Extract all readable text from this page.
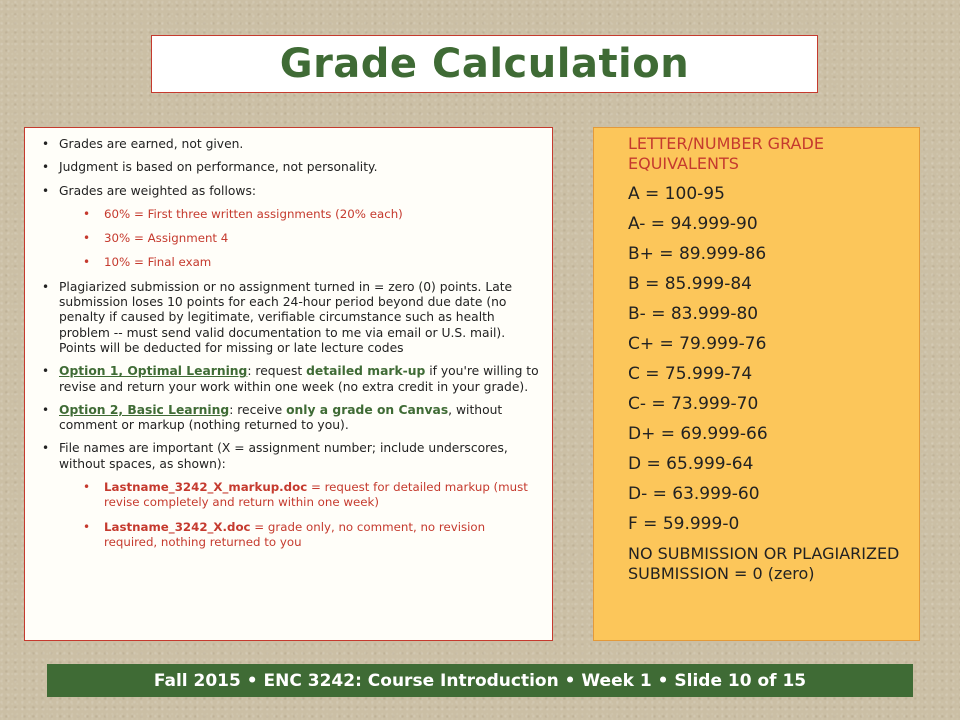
Grade Calculation
• Grades are earned, not given.
• Judgment is based on performance, not personality.
• Grades are weighted as follows:
• 60% = First three written assignments (20% each)
• 30% = Assignment 4
• 10% = Final exam
• Plagiarized submission or no assignment turned in = zero (0) points. Late submission loses 10 points for each 24-hour period beyond due date (no penalty if caused by legitimate, verifiable circumstance such as health problem -- must send valid documentation to me via email or U.S. mail). Points will be deducted for missing or late lecture codes
• Option 1, Optimal Learning: request detailed mark-up if you're willing to revise and return your work within one week (no extra credit in your grade).
• Option 2, Basic Learning: receive only a grade on Canvas, without comment or markup (nothing returned to you).
• File names are important (X = assignment number; include underscores, without spaces, as shown):
• Lastname_3242_X_markup.doc = request for detailed markup (must revise completely and return within one week)
• Lastname_3242_X.doc = grade only, no comment, no revision required, nothing returned to you
LETTER/NUMBER GRADE EQUIVALENTS
A = 100-95
A- = 94.999-90
B+ = 89.999-86
B = 85.999-84
B- = 83.999-80
C+ = 79.999-76
C = 75.999-74
C- = 73.999-70
D+ = 69.999-66
D = 65.999-64
D- = 63.999-60
F = 59.999-0
NO SUBMISSION OR PLAGIARIZED SUBMISSION = 0 (zero)
Fall 2015 • ENC 3242: Course Introduction • Week 1 • Slide 10 of 15
